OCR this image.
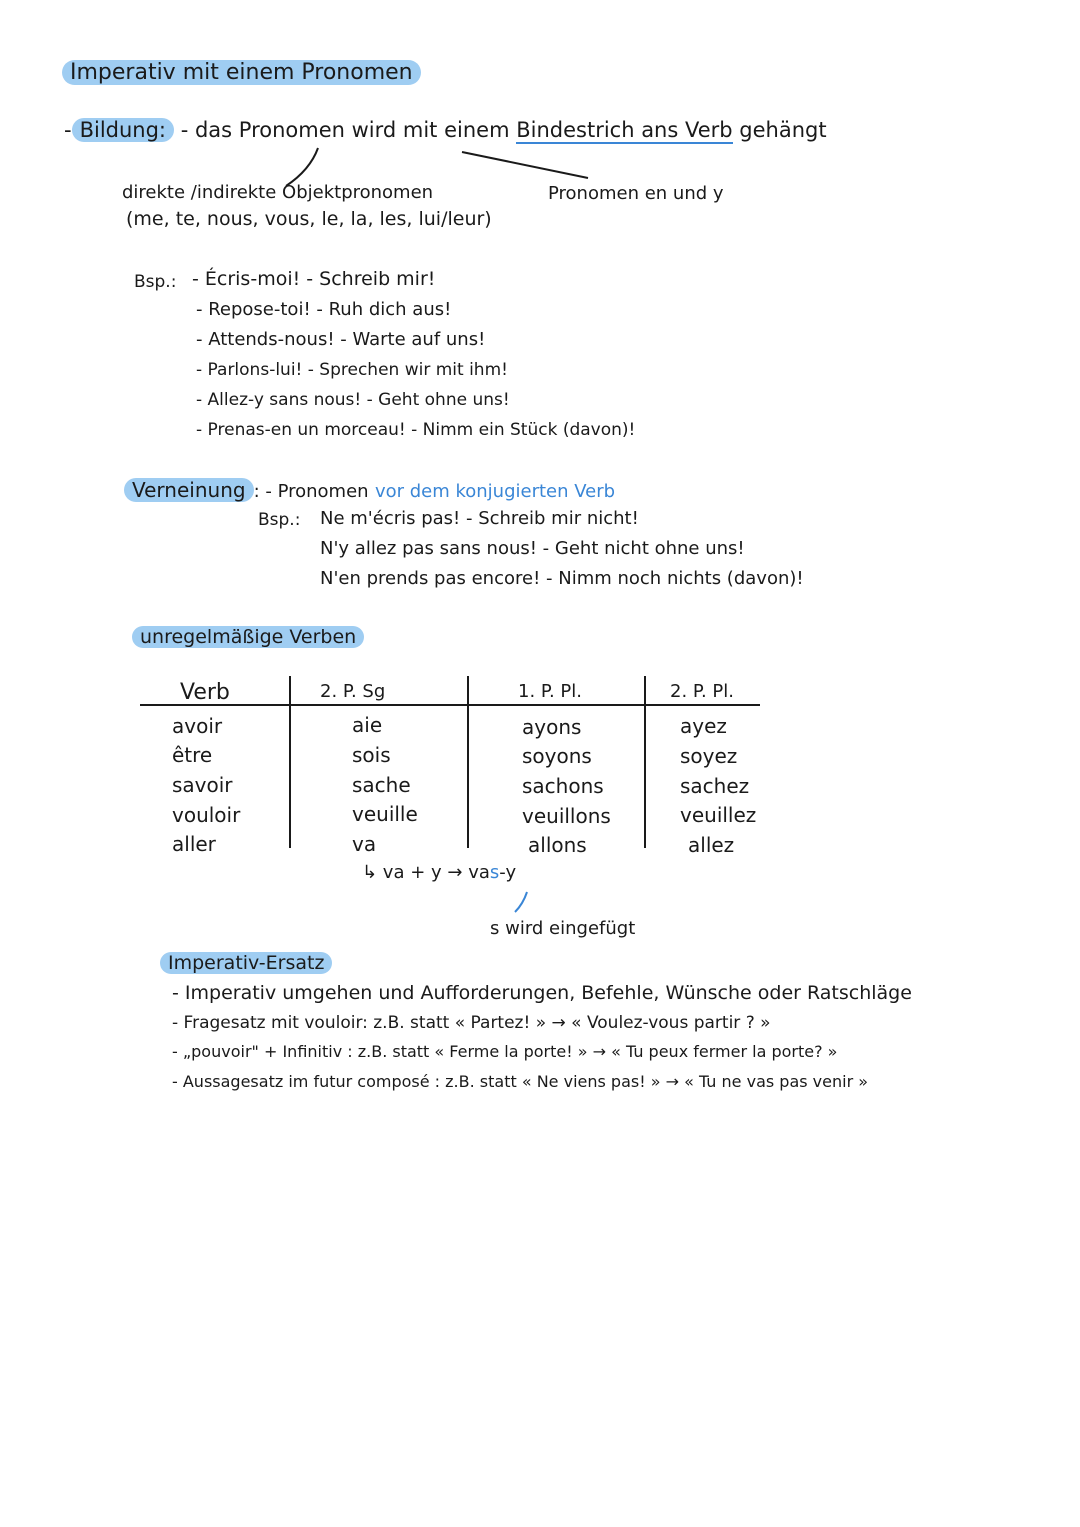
Imperativ mit einem Pronomen
- Bildung: - das Pronomen wird mit einem Bindestrich ans Verb gehängt
direkte /indirekte Objektpronomen
(me, te, nous, vous, le, la, les, lui/leur)
Pronomen en und y
Bsp.: - Écris-moi! - Schreib mir!
- Repose-toi! - Ruh dich aus!
- Attends-nous! - Warte auf uns!
- Parlons-lui! - Sprechen wir mit ihm!
- Allez-y sans nous! - Geht ohne uns!
- Prenas-en un morceau! - Nimm ein Stück (davon)!
Verneinung : - Pronomen vor dem konjugierten Verb
Bsp.: Ne m'écris pas! - Schreib mir nicht!
N'y allez pas sans nous! - Geht nicht ohne uns!
N'en prends pas encore! - Nimm noch nichts (davon)!
unregelmäßige Verben
Verb	2. P. Sg	1. P. Pl.	2. P. Pl.
avoir	aie	ayons	ayez
être	sois	soyons	soyez
savoir	sache	sachons	sachez
vouloir	veuille	veuillons	veuillez
aller	va	allons	allez
↳ va + y → vas-y
s wird eingefügt
Imperativ-Ersatz
- Imperativ umgehen und Aufforderungen, Befehle, Wünsche oder Ratschläge
- Fragesatz mit vouloir: z.B. statt « Partez! » → « Voulez-vous partir ? »
- „pouvoir" + Infinitiv : z.B. statt « Ferme la porte! » → « Tu peux fermer la porte? »
- Aussagesatz im futur composé : z.B. statt « Ne viens pas! » → « Tu ne vas pas venir »
